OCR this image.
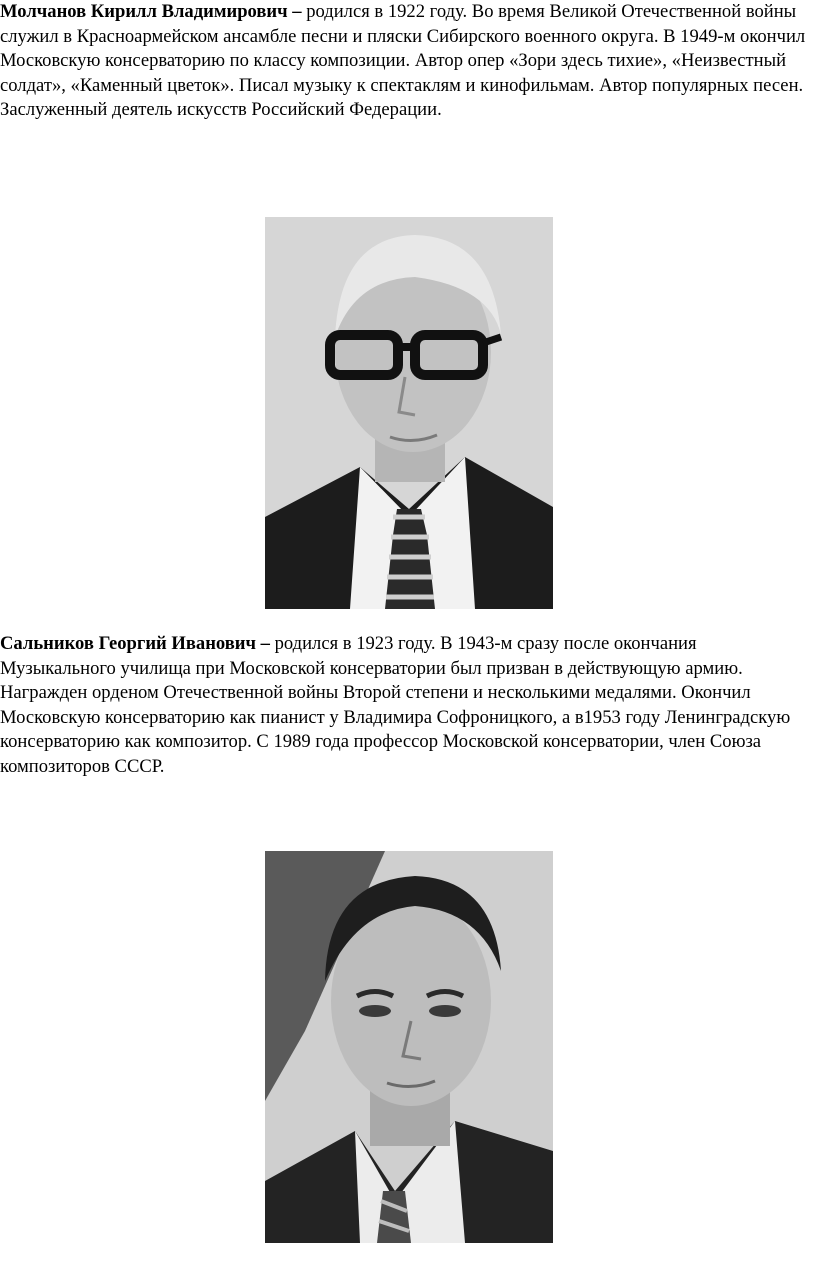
Молчанов Кирилл Владимирович – родился в 1922 году. Во время Великой Отечественной войны служил в Красноармейском ансамбле песни и пляски Сибирского военного округа. В 1949-м окончил Московскую консерваторию по классу композиции. Автор опер «Зори здесь тихие», «Неизвестный солдат», «Каменный цветок». Писал музыку к спектаклям и кинофильмам. Автор популярных песен. Заслуженный деятель искусств Российский Федерации.

Сальников Георгий Иванович – родился в 1923 году. В 1943-м сразу после окончания Музыкального училища при Московской консерватории был призван в действующую армию. Награжден орденом Отечественной войны Второй степени и несколькими медалями. Окончил Московскую консерваторию как пианист у Владимира Софроницкого, а в1953 году Ленинградскую консерваторию как композитор. С 1989 года профессор Московской консерватории, член Союза композиторов СССР.
